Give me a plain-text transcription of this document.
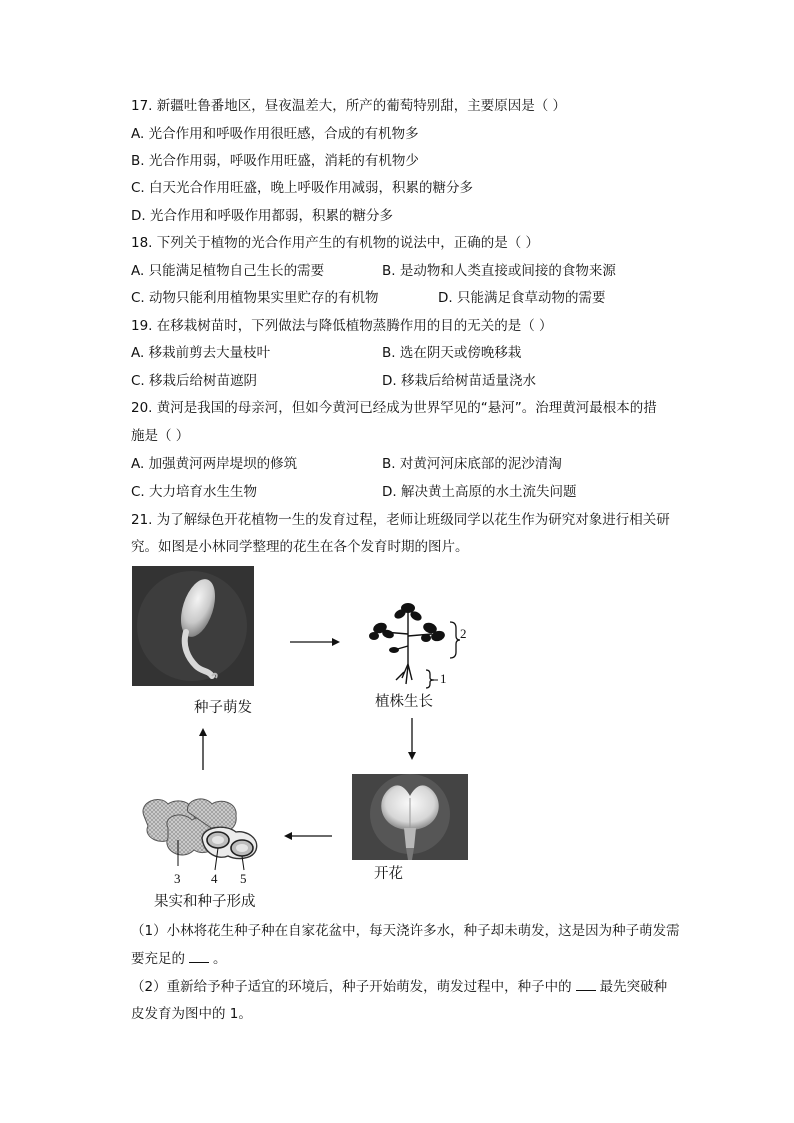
17. 新疆吐鲁番地区，昼夜温差大，所产的葡萄特别甜，主要原因是（ ）
A. 光合作用和呼吸作用很旺感，合成的有机物多
B. 光合作用弱，呼吸作用旺盛，消耗的有机物少
C. 白天光合作用旺盛，晚上呼吸作用减弱，积累的糖分多
D. 光合作用和呼吸作用都弱，积累的糖分多
18. 下列关于植物的光合作用产生的有机物的说法中，正确的是（ ）
A. 只能满足植物自己生长的需要	B. 是动物和人类直接或间接的食物来源
C. 动物只能利用植物果实里贮存的有机物	D. 只能满足食草动物的需要
19. 在移栽树苗时，下列做法与降低植物蒸腾作用的目的无关的是（ ）
A. 移栽前剪去大量枝叶	B. 选在阴天或傍晚移栽
C. 移栽后给树苗遮阴	D. 移栽后给树苗适量浇水
20. 黄河是我国的母亲河，但如今黄河已经成为世界罕见的“悬河”。治理黄河最根本的措
施是（ ）
A. 加强黄河两岸堤坝的修筑	B. 对黄河河床底部的泥沙清淘
C. 大力培育水生生物	D. 解决黄土高原的水土流失问题
21. 为了解绿色开花植物一生的发育过程，老师让班级同学以花生作为研究对象进行相关研
究。如图是小林同学整理的花生在各个发育时期的图片。
种子萌发
2
1
植株生长
开花
3 4 5
果实和种子形成
（1）小林将花生种子种在自家花盆中，每天浇许多水，种子却未萌发，这是因为种子萌发需
要充足的 。
（2）重新给予种子适宜的环境后，种子开始萌发，萌发过程中，种子中的 最先突破种
皮发育为图中的 1。
